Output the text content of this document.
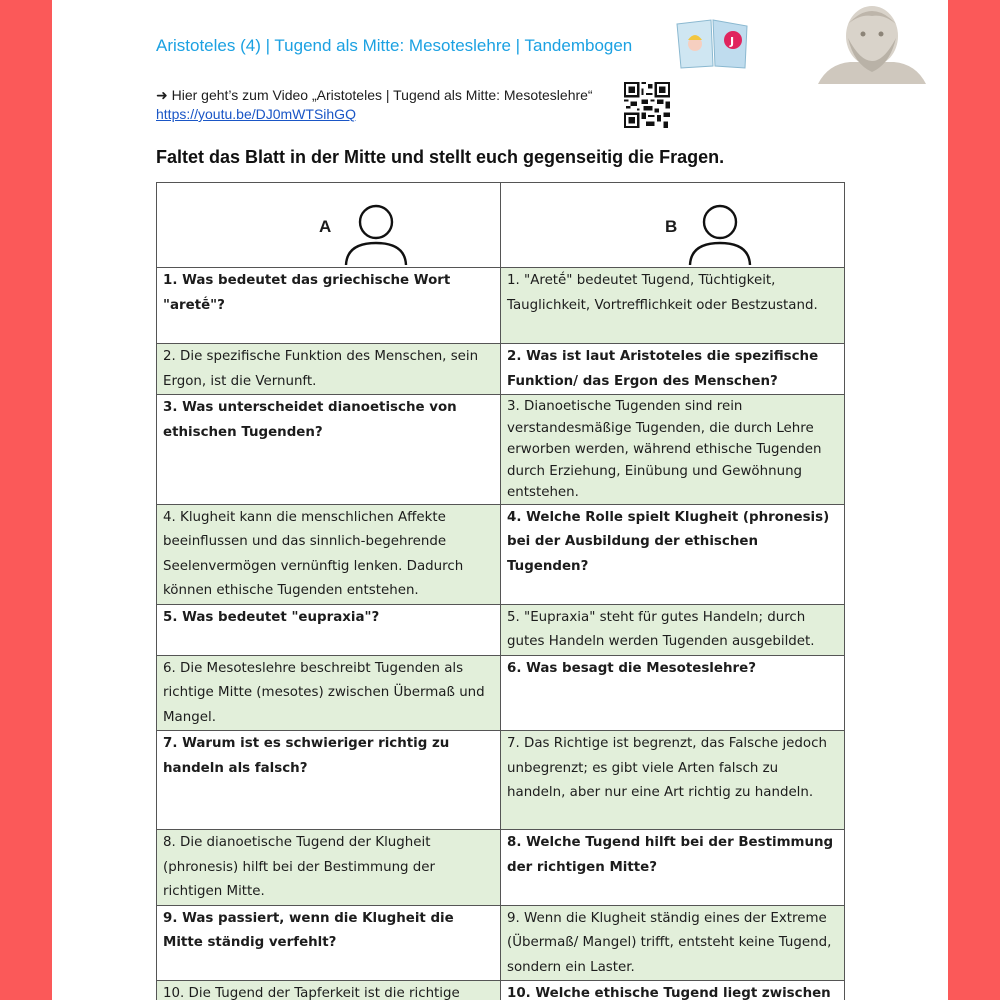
Aristoteles (4) | Tugend als Mitte: Mesoteslehre | Tandembogen	J
➜ Hier geht’s zum Video „Aristoteles | Tugend als Mitte: Mesoteslehre“
https://youtu.be/DJ0mWTSihGQ
Faltet das Blatt in der Mitte und stellt euch gegenseitig die Fragen.
A	B

1. Was bedeutet das griechische Wort "aretḗ"?	1. "Aretḗ" bedeutet Tugend, Tüchtigkeit, Tauglichkeit, Vortrefflichkeit oder Bestzustand.
2. Die spezifische Funktion des Menschen, sein Ergon, ist die Vernunft.	2. Was ist laut Aristoteles die spezifische Funktion/ das Ergon des Menschen?
3. Was unterscheidet dianoetische von ethischen Tugenden?	3. Dianoetische Tugenden sind rein verstandesmäßige Tugenden, die durch Lehre erworben werden, während ethische Tugenden durch Erziehung, Einübung und Gewöhnung entstehen.
4. Klugheit kann die menschlichen Affekte beeinflussen und das sinnlich-begehrende Seelenvermögen vernünftig lenken. Dadurch können ethische Tugenden entstehen.	4. Welche Rolle spielt Klugheit (phronesis) bei der Ausbildung der ethischen Tugenden?
5. Was bedeutet "eupraxia"?	5. "Eupraxia" steht für gutes Handeln; durch gutes Handeln werden Tugenden ausgebildet.
6. Die Mesoteslehre beschreibt Tugenden als richtige Mitte (mesotes) zwischen Übermaß und Mangel.	6. Was besagt die Mesoteslehre?
7. Warum ist es schwieriger richtig zu handeln als falsch?	7. Das Richtige ist begrenzt, das Falsche jedoch unbegrenzt; es gibt viele Arten falsch zu handeln, aber nur eine Art richtig zu handeln.
8. Die dianoetische Tugend der Klugheit (phronesis) hilft bei der Bestimmung der richtigen Mitte.	8. Welche Tugend hilft bei der Bestimmung der richtigen Mitte?
9. Was passiert, wenn die Klugheit die Mitte ständig verfehlt?	9. Wenn die Klugheit ständig eines der Extreme (Übermaß/ Mangel) trifft, entsteht keine Tugend, sondern ein Laster.
10. Die Tugend der Tapferkeit ist die richtige	10. Welche ethische Tugend liegt zwischen
